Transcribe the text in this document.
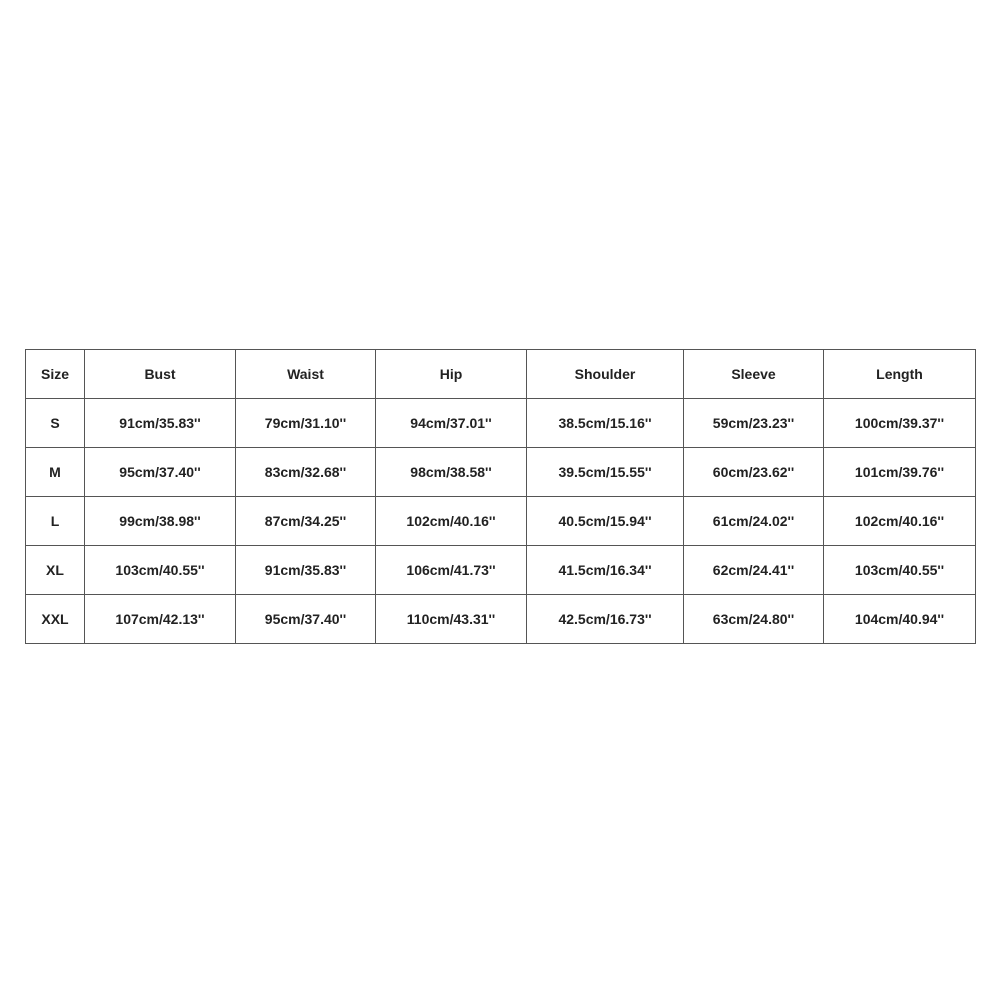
Size	Bust	Waist	Hip	Shoulder	Sleeve	Length
S	91cm/35.83''	79cm/31.10''	94cm/37.01''	38.5cm/15.16''	59cm/23.23''	100cm/39.37''
M	95cm/37.40''	83cm/32.68''	98cm/38.58''	39.5cm/15.55''	60cm/23.62''	101cm/39.76''
L	99cm/38.98''	87cm/34.25''	102cm/40.16''	40.5cm/15.94''	61cm/24.02''	102cm/40.16''
XL	103cm/40.55''	91cm/35.83''	106cm/41.73''	41.5cm/16.34''	62cm/24.41''	103cm/40.55''
XXL	107cm/42.13''	95cm/37.40''	110cm/43.31''	42.5cm/16.73''	63cm/24.80''	104cm/40.94''
